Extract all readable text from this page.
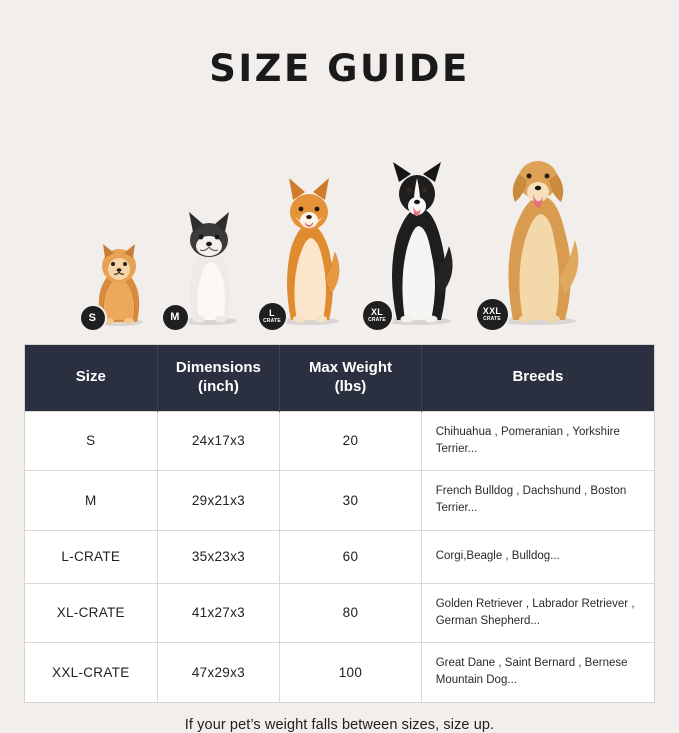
SIZE GUIDE
S	M	L
CRATE
XL
CRATE
XXL
CRATE
Size

Dimensions
(inch)

Max Weight
(lbs)

Breeds

S	24x17x3	20	Chihuahua , Pomeranian , Yorkshire Terrier...
M	29x21x3	30	French Bulldog , Dachshund , Boston Terrier...
L-CRATE	35x23x3	60	Corgi,Beagle , Bulldog...
XL-CRATE	41x27x3	80	Golden Retriever , Labrador Retriever , German Shepherd...
XXL-CRATE	47x29x3	100	Great Dane , Saint Bernard , Bernese Mountain Dog...
If your pet’s weight falls between sizes, size up.
